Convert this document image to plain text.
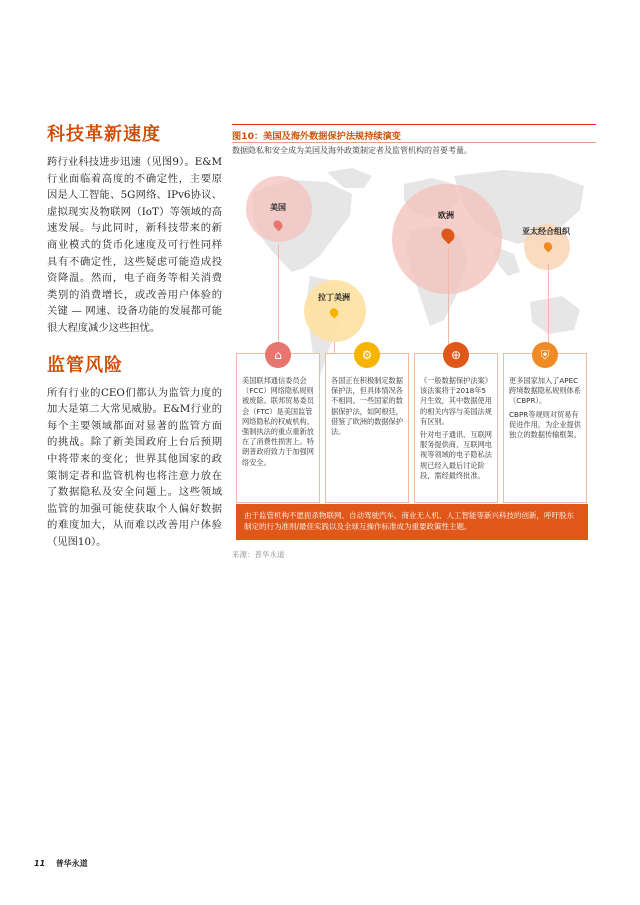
科技革新速度

跨行业科技进步迅速（见图9）。E&M行业面临着高度的不确定性，主要原因是人工智能、5G网络、IPv6协议、虚拟现实及物联网（IoT）等领域的高速发展。与此同时，新科技带来的新商业模式的货币化速度及可行性同样具有不确定性，这些疑虑可能造成投资降温。然而，电子商务等相关消费类别的消费增长，或改善用户体验的关键 — 网速、设备功能的发展都可能很大程度减少这些担忧。

监管风险

所有行业的CEO们都认为监管力度的加大是第二大常见威胁。E&M行业的每个主要领域都面对显著的监管方面的挑战。除了新美国政府上台后预期中将带来的变化；世界其他国家的政策制定者和监管机构也将注意力放在了数据隐私及安全问题上。这些领域监管的加强可能使获取个人偏好数据的难度加大，从而难以改善用户体验（见图10）。

图10：美国及海外数据保护法规持续演变
数据隐私和安全成为美国及海外政策制定者及监管机构的首要考量。
美国
欧洲
亚太经合组织
拉丁美洲
⌂

美国联邦通信委员会（FCC）网络隐私规则被废除。联邦贸易委员会（FTC）是美国监管网络隐私的权威机构。强制执法的重点重新放在了消费性损害上。特朗普政府致力于加强网络安全。

⚙

各国正在积极制定数据保护法，但具体情况各不相同。一些国家的数据保护法，如阿根廷，借鉴了欧洲的数据保护法。

⊕

《一般数据保护法案》该法案将于2018年5月生效，其中数据使用的相关内容与美国法规有区别。

针对电子通讯、互联网服务提供商、互联网电视等领域的电子隐私法规已经入最后讨论阶段，需经最终批准。

⛨

更多国家加入了APEC跨境数据隐私规则体系（CBPR）。

CBPR等规则对贸易有促进作用，为企业提供独立的数据传输框架。

由于监管机构不愿扼杀物联网、自动驾驶汽车、商业无人机、人工智能等新兴科技的创新，呼吁股东制定的行为准则/最佳实践以及全球互操作标准成为重要政策性主题。
来源：普华永道
11 普华永道
